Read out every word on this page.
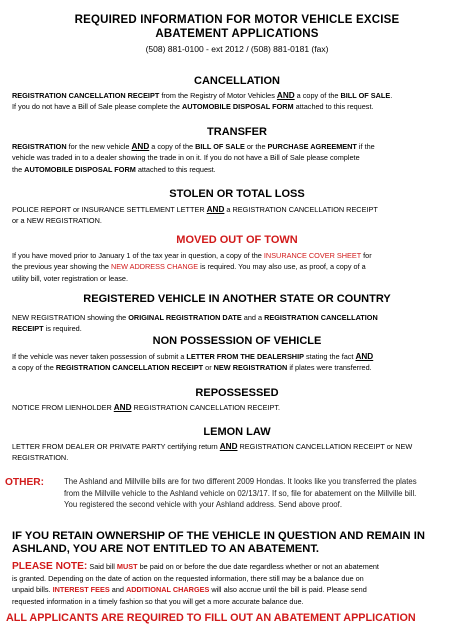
REQUIRED INFORMATION FOR MOTOR VEHICLE EXCISE
ABATEMENT APPLICATIONS
(508) 881-0100 - ext 2012 / (508) 881-0181 (fax)
CANCELLATION
REGISTRATION CANCELLATION RECEIPT from the Registry of Motor Vehicles AND a copy of the BILL OF SALE.
If you do not have a Bill of Sale please complete the AUTOMOBILE DISPOSAL FORM attached to this request.
TRANSFER
REGISTRATION for the new vehicle AND a copy of the BILL OF SALE or the PURCHASE AGREEMENT if the
vehicle was traded in to a dealer showing the trade in on it. If you do not have a Bill of Sale please complete
the AUTOMOBILE DISPOSAL FORM attached to this request.
STOLEN OR TOTAL LOSS
POLICE REPORT or INSURANCE SETTLEMENT LETTER AND a REGISTRATION CANCELLATION RECEIPT
or a NEW REGISTRATION.
MOVED OUT OF TOWN
If you have moved prior to January 1 of the tax year in question, a copy of the INSURANCE COVER SHEET for
the previous year showing the NEW ADDRESS CHANGE is required. You may also use, as proof, a copy of a
utility bill, voter registration or lease.
REGISTERED VEHICLE IN ANOTHER STATE OR COUNTRY
NEW REGISTRATION showing the ORIGINAL REGISTRATION DATE and a REGISTRATION CANCELLATION
RECEIPT is required.
NON POSSESSION OF VEHICLE
If the vehicle was never taken possession of submit a LETTER FROM THE DEALERSHIP stating the fact AND
a copy of the REGISTRATION CANCELLATION RECEIPT or NEW REGISTRATION if plates were transferred.
REPOSSESSED
NOTICE FROM LIENHOLDER AND REGISTRATION CANCELLATION RECEIPT.
LEMON LAW
LETTER FROM DEALER OR PRIVATE PARTY certifying return AND REGISTRATION CANCELLATION RECEIPT or NEW
REGISTRATION.
OTHER:	The Ashland and Millville bills are for two different 2009 Hondas. It looks like you transferred the plates
from the Millville vehicle to the Ashland vehicle on 02/13/17. If so, file for abatement on the Millville bill.
You registered the second vehicle with your Ashland address. Send above proof.
IF YOU RETAIN OWNERSHIP OF THE VEHICLE IN QUESTION AND REMAIN IN
ASHLAND, YOU ARE NOT ENTITLED TO AN ABATEMENT.
PLEASE NOTE: Said bill MUST be paid on or before the due date regardless whether or not an abatement
is granted. Depending on the date of action on the requested information, there still may be a balance due on
unpaid bills. INTEREST FEES and ADDITIONAL CHARGES will also accrue until the bill is paid. Please send
requested information in a timely fashion so that you will get a more accurate balance due.
ALL APPLICANTS ARE REQUIRED TO FILL OUT AN ABATEMENT APPLICATION
